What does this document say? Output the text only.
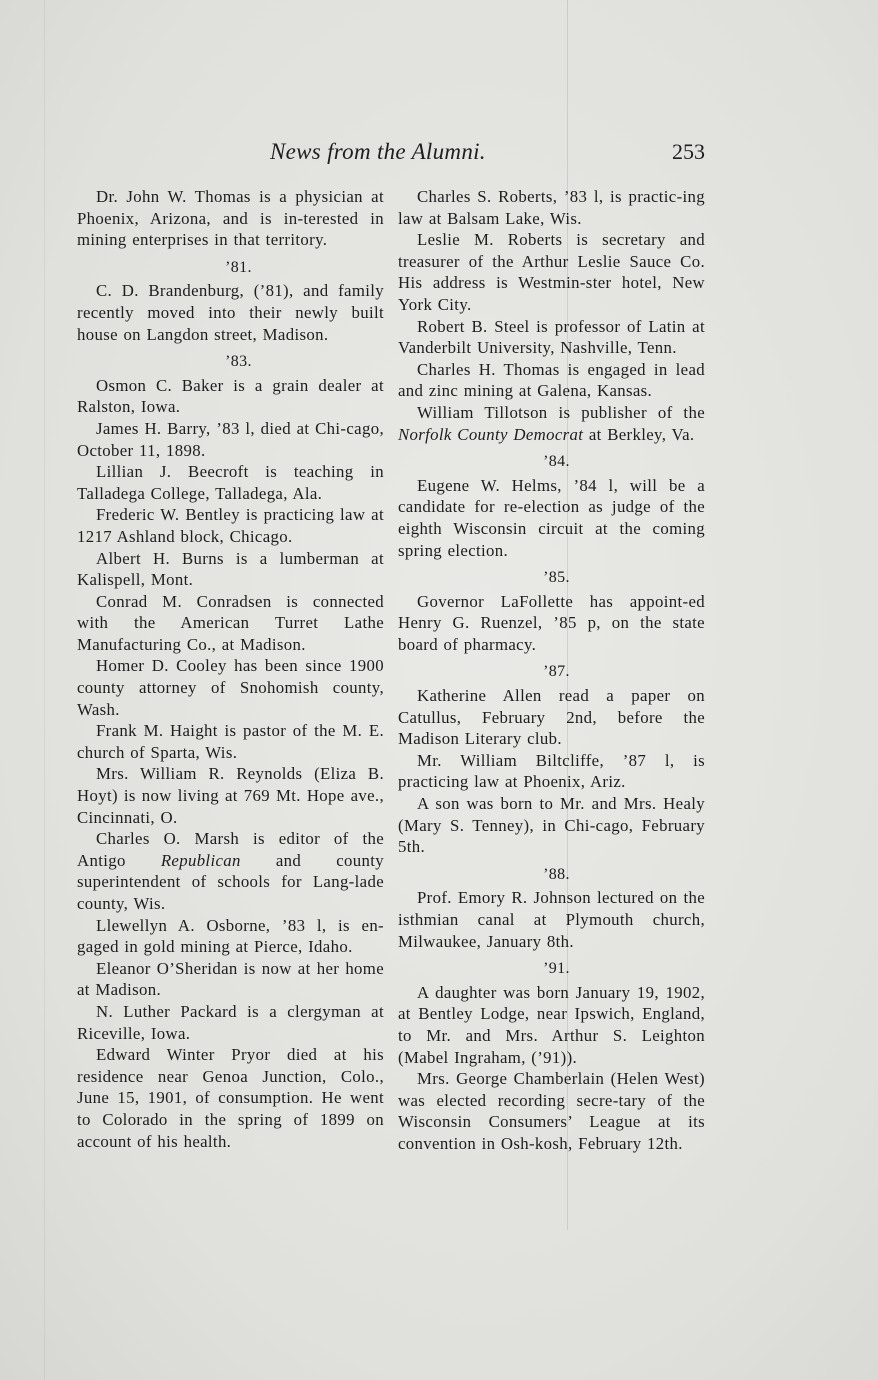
News from the Alumni.	253

Dr. John W. Thomas is a physician at Phoenix, Arizona, and is in-terested in mining enterprises in that territory.

’81.

C. D. Brandenburg, (’81), and family recently moved into their newly built house on Langdon street, Madison.

’83.

Osmon C. Baker is a grain dealer at Ralston, Iowa.

James H. Barry, ’83 l, died at Chi-cago, October 11, 1898.

Lillian J. Beecroft is teaching in Talladega College, Talladega, Ala.

Frederic W. Bentley is practicing law at 1217 Ashland block, Chicago.

Albert H. Burns is a lumberman at Kalispell, Mont.

Conrad M. Conradsen is connected with the American Turret Lathe Manufacturing Co., at Madison.

Homer D. Cooley has been since 1900 county attorney of Snohomish county, Wash.

Frank M. Haight is pastor of the M. E. church of Sparta, Wis.

Mrs. William R. Reynolds (Eliza B. Hoyt) is now living at 769 Mt. Hope ave., Cincinnati, O.

Charles O. Marsh is editor of the Antigo Republican and county superintendent of schools for Lang-lade county, Wis.

Llewellyn A. Osborne, ’83 l, is en-gaged in gold mining at Pierce, Idaho.

Eleanor O’Sheridan is now at her home at Madison.

N. Luther Packard is a clergyman at Riceville, Iowa.

Edward Winter Pryor died at his residence near Genoa Junction, Colo., June 15, 1901, of consumption. He went to Colorado in the spring of 1899 on account of his health.

Charles S. Roberts, ’83 l, is practic-ing law at Balsam Lake, Wis.

Leslie M. Roberts is secretary and treasurer of the Arthur Leslie Sauce Co. His address is Westmin-ster hotel, New York City.

Robert B. Steel is professor of Latin at Vanderbilt University, Nashville, Tenn.

Charles H. Thomas is engaged in lead and zinc mining at Galena, Kansas.

William Tillotson is publisher of the Norfolk County Democrat at Berkley, Va.

’84.

Eugene W. Helms, ’84 l, will be a candidate for re-election as judge of the eighth Wisconsin circuit at the coming spring election.

’85.

Governor LaFollette has appoint-ed Henry G. Ruenzel, ’85 p, on the state board of pharmacy.

’87.

Katherine Allen read a paper on Catullus, February 2nd, before the Madison Literary club.

Mr. William Biltcliffe, ’87 l, is practicing law at Phoenix, Ariz.

A son was born to Mr. and Mrs. Healy (Mary S. Tenney), in Chi-cago, February 5th.

’88.

Prof. Emory R. Johnson lectured on the isthmian canal at Plymouth church, Milwaukee, January 8th.

’91.

A daughter was born January 19, 1902, at Bentley Lodge, near Ipswich, England, to Mr. and Mrs. Arthur S. Leighton (Mabel Ingraham, (’91)).

Mrs. George Chamberlain (Helen West) was elected recording secre-tary of the Wisconsin Consumers’ League at its convention in Osh-kosh, February 12th.
